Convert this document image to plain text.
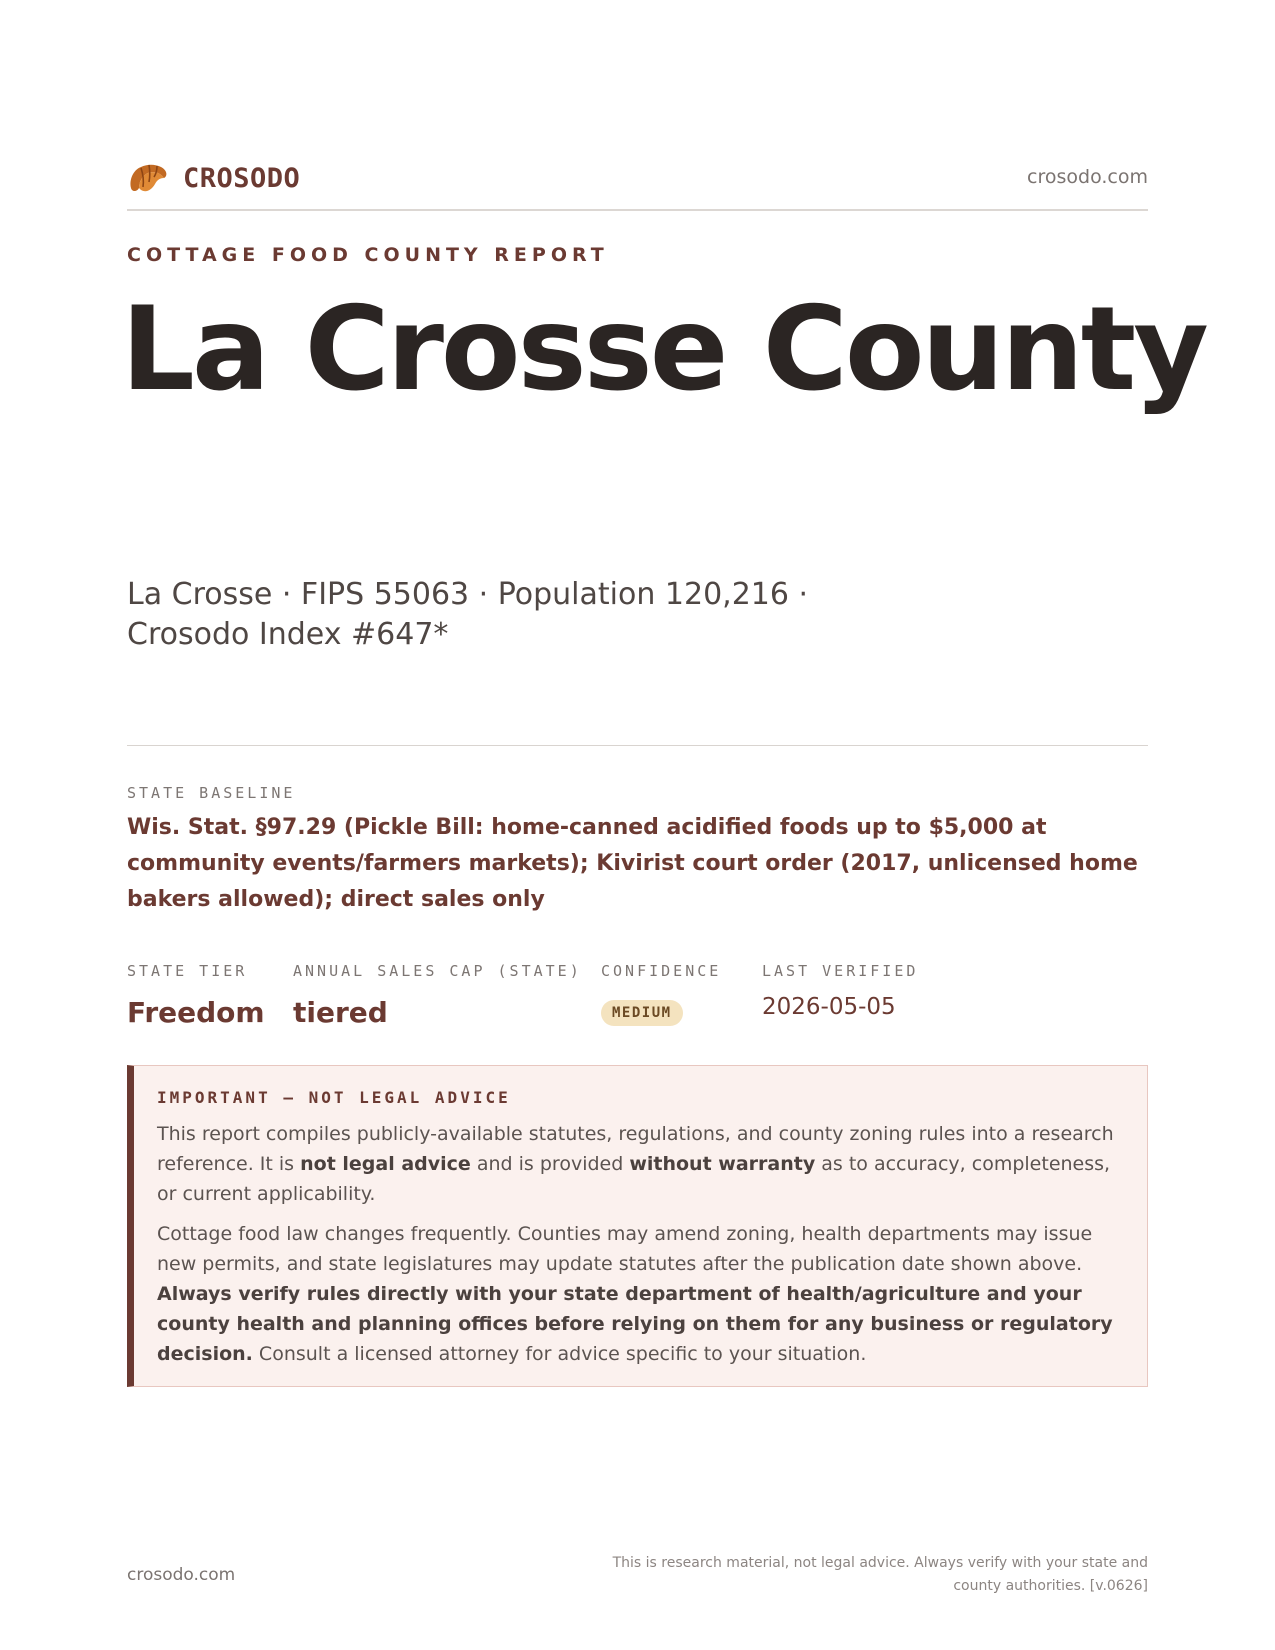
CROSODO	crosodo.com
COTTAGE FOOD COUNTY REPORT
La Crosse County
La Crosse · FIPS 55063 · Population 120,216 · Crosodo Index #647*
STATE BASELINE
Wis. Stat. §97.29 (Pickle Bill: home-canned acidified foods up to $5,000 at community events/farmers markets); Kivirist court order (2017, unlicensed home bakers allowed); direct sales only
STATE TIER
Freedom
ANNUAL SALES CAP (STATE)
tiered
CONFIDENCE
MEDIUM
LAST VERIFIED
2026-05-05
IMPORTANT — NOT LEGAL ADVICE

This report compiles publicly-available statutes, regulations, and county zoning rules into a research reference. It is not legal advice and is provided without warranty as to accuracy, completeness, or current applicability.

Cottage food law changes frequently. Counties may amend zoning, health departments may issue new permits, and state legislatures may update statutes after the publication date shown above. Always verify rules directly with your state department of health/agriculture and your county health and planning offices before relying on them for any business or regulatory decision. Consult a licensed attorney for advice specific to your situation.

crosodo.com
This is research material, not legal advice. Always verify with your state and county authorities. [v.0626]
